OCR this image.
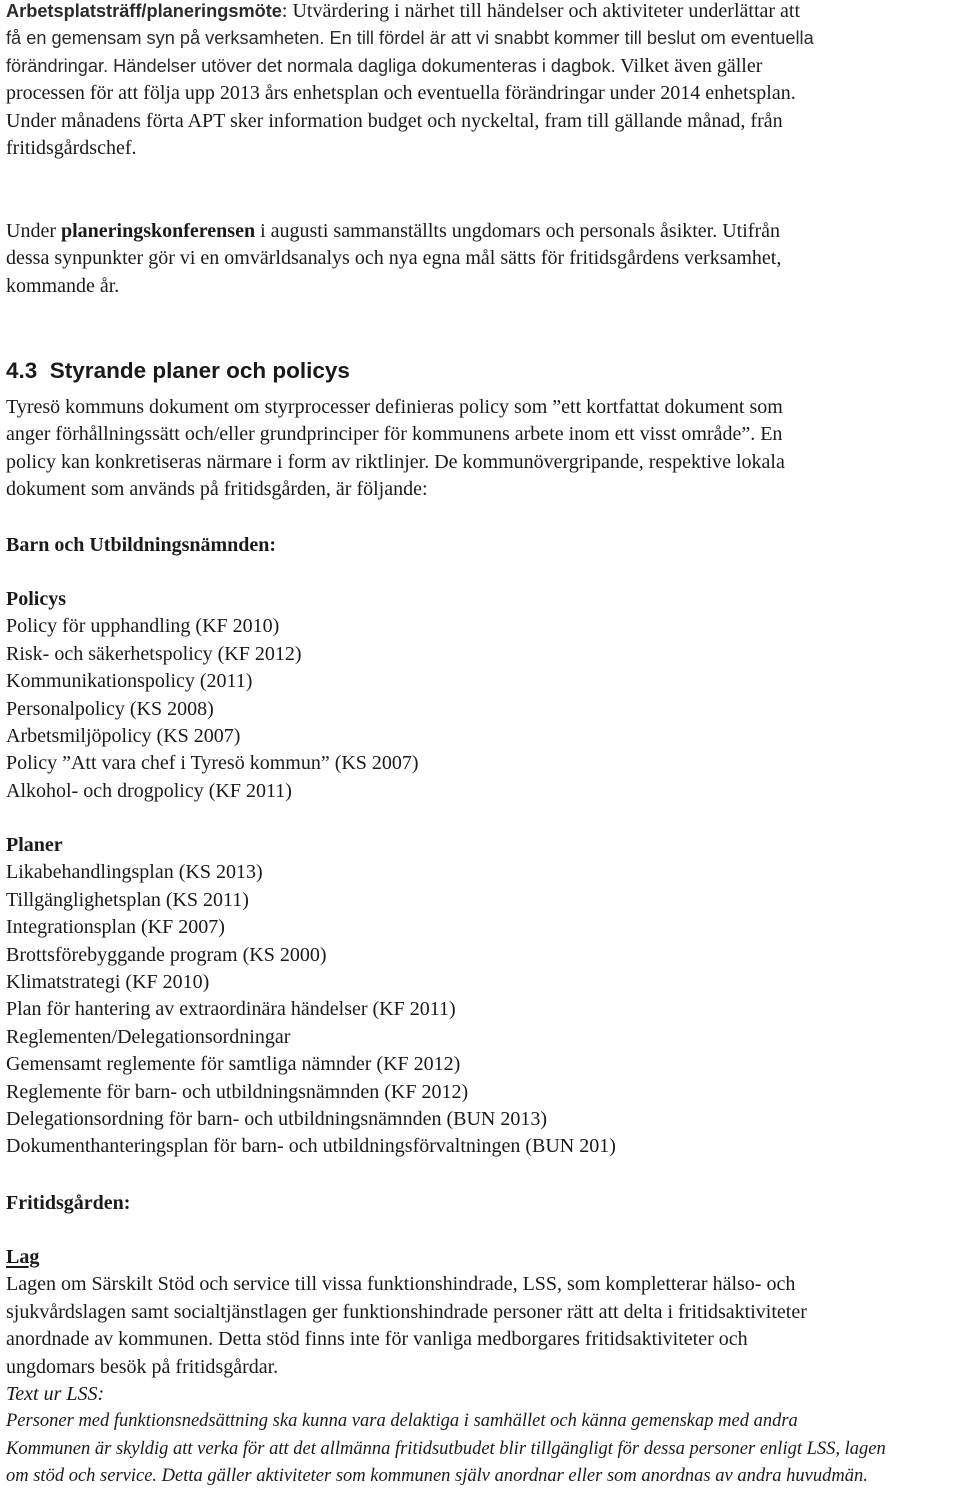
Arbetsplatsträff/planeringsmöte: Utvärdering i närhet till händelser och aktiviteter underlättar att
få en gemensam syn på verksamheten. En till fördel är att vi snabbt kommer till beslut om eventuella
förändringar. Händelser utöver det normala dagliga dokumenteras i dagbok. Vilket även gäller
processen för att följa upp 2013 års enhetsplan och eventuella förändringar under 2014 enhetsplan.
Under månadens förta APT sker information budget och nyckeltal, fram till gällande månad, från
fritidsgårdschef.
Under planeringskonferensen i augusti sammanställts ungdomars och personals åsikter. Utifrån
dessa synpunkter gör vi en omvärldsanalys och nya egna mål sätts för fritidsgårdens verksamhet,
kommande år.
4.3 Styrande planer och policys
Tyresö kommuns dokument om styrprocesser definieras policy som ”ett kortfattat dokument som
anger förhållningssätt och/eller grundprinciper för kommunens arbete inom ett visst område”. En
policy kan konkretiseras närmare i form av riktlinjer. De kommunövergripande, respektive lokala
dokument som används på fritidsgården, är följande:
Barn och Utbildningsnämnden:
Policys
Policy för upphandling (KF 2010)
Risk- och säkerhetspolicy (KF 2012)
Kommunikationspolicy (2011)
Personalpolicy (KS 2008)
Arbetsmiljöpolicy (KS 2007)
Policy ”Att vara chef i Tyresö kommun” (KS 2007)
Alkohol- och drogpolicy (KF 2011)
Planer
Likabehandlingsplan (KS 2013)
Tillgänglighetsplan (KS 2011)
Integrationsplan (KF 2007)
Brottsförebyggande program (KS 2000)
Klimatstrategi (KF 2010)
Plan för hantering av extraordinära händelser (KF 2011)
Reglementen/Delegationsordningar
Gemensamt reglemente för samtliga nämnder (KF 2012)
Reglemente för barn- och utbildningsnämnden (KF 2012)
Delegationsordning för barn- och utbildningsnämnden (BUN 2013)
Dokumenthanteringsplan för barn- och utbildningsförvaltningen (BUN 201)
Fritidsgården:
Lag
Lagen om Särskilt Stöd och service till vissa funktionshindrade, LSS, som kompletterar hälso- och
sjukvårdslagen samt socialtjänstlagen ger funktionshindrade personer rätt att delta i fritidsaktiviteter
anordnade av kommunen. Detta stöd finns inte för vanliga medborgares fritidsaktiviteter och
ungdomars besök på fritidsgårdar.
Text ur LSS:
Personer med funktionsnedsättning ska kunna vara delaktiga i samhället och känna gemenskap med andra
Kommunen är skyldig att verka för att det allmänna fritidsutbudet blir tillgängligt för dessa personer enligt LSS, lagen
om stöd och service. Detta gäller aktiviteter som kommunen själv anordnar eller som anordnas av andra huvudmän.
